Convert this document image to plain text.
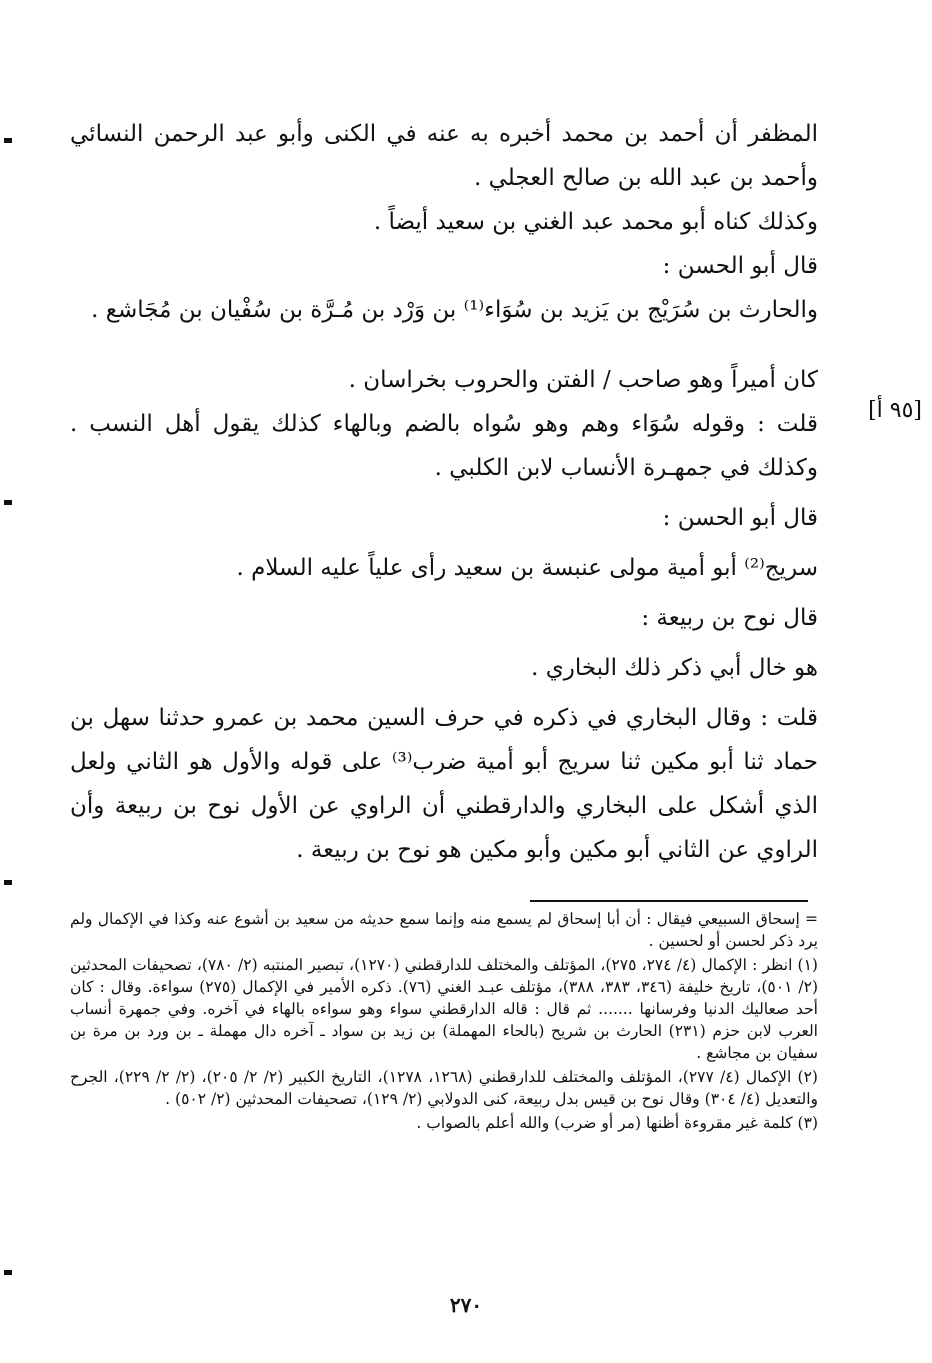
المظفر أن أحمد بن محمد أخبره به عنه في الكنى وأبو عبد الرحمن النسائي وأحمد بن عبد الله بن صالح العجلي .

وكذلك كناه أبو محمد عبد الغني بن سعيد أيضاً .

قال أبو الحسن :

والحارث بن سُرَيْج بن يَزيد بن سُوَاء⁽¹⁾ بن وَرْد بن مُـرَّة بن سُفْيان بن مُجَاشع .

كان أميراً وهو صاحب / الفتن والحروب بخراسان .

قلت : وقوله سُوَاء وهم وهو سُواه بالضم وبالهاء كذلك يقول أهل النسب . وكذلك في جمهـرة الأنساب لابن الكلبي .

قال أبو الحسن :

سريج⁽²⁾ أبو أمية مولى عنبسة بن سعيد رأى علياً عليه السلام .

قال نوح بن ربيعة :

هو خال أبي ذكر ذلك البخاري .

قلت : وقال البخاري في ذكره في حرف السين محمد بن عمرو حدثنا سهل بن حماد ثنا أبو مكين ثنا سريج أبو أمية ضرب⁽³⁾ على قوله والأول هو الثاني ولعل الذي أشكل على البخاري والدارقطني أن الراوي عن الأول نوح بن ربيعة وأن الراوي عن الثاني أبو مكين وأبو مكين هو نوح بن ربيعة .

[٩٥ أ]

= إسحاق السبيعي فيقال : أن أبا إسحاق لم يسمع منه وإنما سمع حديثه من سعيد بن أشوع عنه وكذا في الإكمال ولم يرد ذكر لحسن أو لحسين .

(١) انظر : الإكمال (٤/ ٢٧٤، ٢٧٥)، المؤتلف والمختلف للدارقطني (١٢٧٠)، تبصير المنتبه (٢/ ٧٨٠)، تصحيفات المحدثين (٢/ ٥٠١)، تاريخ خليفة (٣٤٦، ٣٨٣، ٣٨٨)، مؤتلف عبـد الغني (٧٦). ذكره الأمير في الإكمال (٢٧٥) سواءة. وقال : كان أحد صعاليك الدنيا وفرسانها ....... ثم قال : قاله الدارقطني سواء وهو سواءه بالهاء في آخره. وفي جمهرة أنساب العرب لابن حزم (٢٣١) الحارث بن شريح (بالحاء المهملة) بن زيد بن سواد ـ آخره دال مهملة ـ بن ورد بن مرة بن سفيان بن مجاشع .

(٢) الإكمال (٤/ ٢٧٧)، المؤتلف والمختلف للدارقطني (١٢٦٨، ١٢٧٨)، التاريخ الكبير (٢/ ٢/ ٢٠٥)، (٢/ ٢/ ٢٢٩)، الجرح والتعديل (٤/ ٣٠٤) وقال نوح بن قيس بدل ربيعة، كنى الدولابي (٢/ ١٢٩)، تصحيفات المحدثين (٢/ ٥٠٢) .

(٣) كلمة غير مقروءة أظنها (مر أو ضرب) والله أعلم بالصواب .

٢٧٠
